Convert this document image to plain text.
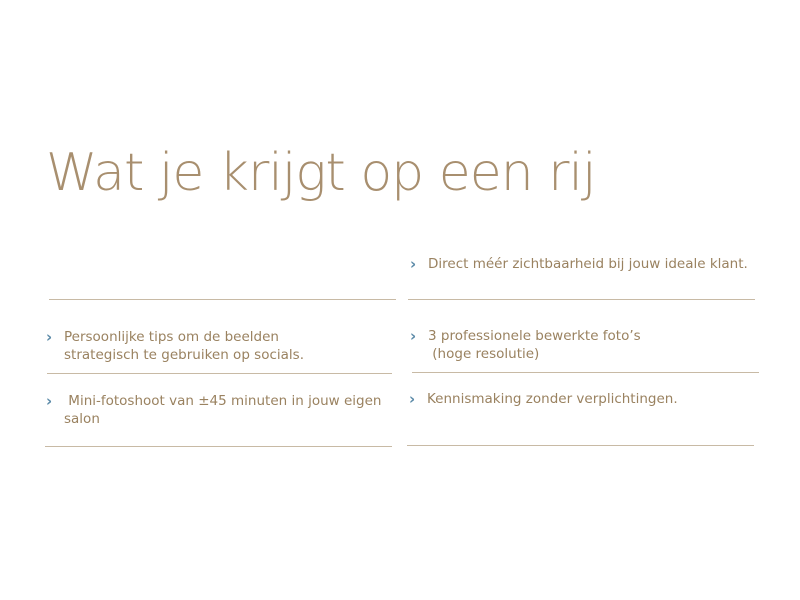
Wat je krijgt op een rij
› Direct méér zichtbaarheid bij jouw ideale klant.
› Persoonlijke tips om de beelden
strategisch te gebruiken op socials.
› 3 professionele bewerkte foto’s
(hoge resolutie)
›	Mini-fotoshoot van ±45 minuten in jouw eigen
salon
› Kennismaking zonder verplichtingen.
